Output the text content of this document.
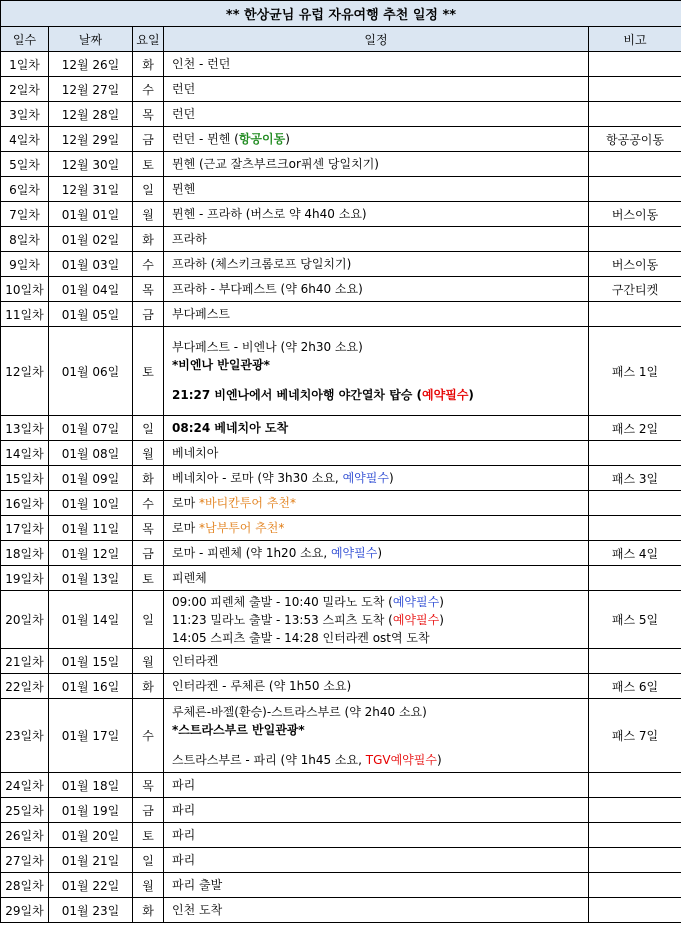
** 한상균님 유럽 자유여행 추천 일정 **				
일수	날짜	요일	일정	비고
1일차	12월 26일	화	인천 - 런던	

2일차	12월 27일	수	런던	

3일차	12월 28일	목	런던	

4일차	12월 29일	금	런던 - 뮌헨 (항공이동)	항공공이동
5일차	12월 30일	토	뮌헨 (근교 잘츠부르크or퓌센 당일치기)	

6일차	12월 31일	일	뮌헨	

7일차	01월 01일	월	뮌헨 - 프라하 (버스로 약 4h40 소요)	버스이동
8일차	01월 02일	화	프라하	

9일차	01월 03일	수	프라하 (체스키크롬로프 당일치기)	버스이동
10일차	01월 04일	목	프라하 - 부다페스트 (약 6h40 소요)	구간티켓
11일차	01월 05일	금	부다페스트	

12일차	01월 06일	토	부다페스트 - 비엔나 (약 2h30 소요)
*비엔나 반일관광*
21:27 비엔나에서 베네치아행 야간열차 탑승 (예약필수)	패스 1일
13일차	01월 07일	일	08:24 베네치아 도착	패스 2일
14일차	01월 08일	월	베네치아	

15일차	01월 09일	화	베네치아 - 로마 (약 3h30 소요, 예약필수)	패스 3일
16일차	01월 10일	수	로마 *바티칸투어 추천*	

17일차	01월 11일	목	로마 *남부투어 추천*	

18일차	01월 12일	금	로마 - 피렌체 (약 1h20 소요, 예약필수)	패스 4일
19일차	01월 13일	토	피렌체	

20일차	01월 14일	일	09:00 피렌체 출발 - 10:40 밀라노 도착 (예약필수)
11:23 밀라노 출발 - 13:53 스피츠 도착 (예약필수)
14:05 스피츠 출발 - 14:28 인터라켄 ost역 도착	패스 5일
21일차	01월 15일	월	인터라켄	

22일차	01월 16일	화	인터라켄 - 루체른 (약 1h50 소요)	패스 6일
23일차	01월 17일	수	루체른-바젤(환승)-스트라스부르 (약 2h40 소요)
*스트라스부르 반일관광*
스트라스부르 - 파리 (약 1h45 소요, TGV예약필수)	패스 7일
24일차	01월 18일	목	파리	

25일차	01월 19일	금	파리	

26일차	01월 20일	토	파리	

27일차	01월 21일	일	파리	

28일차	01월 22일	월	파리 출발	

29일차	01월 23일	화	인천 도착	
